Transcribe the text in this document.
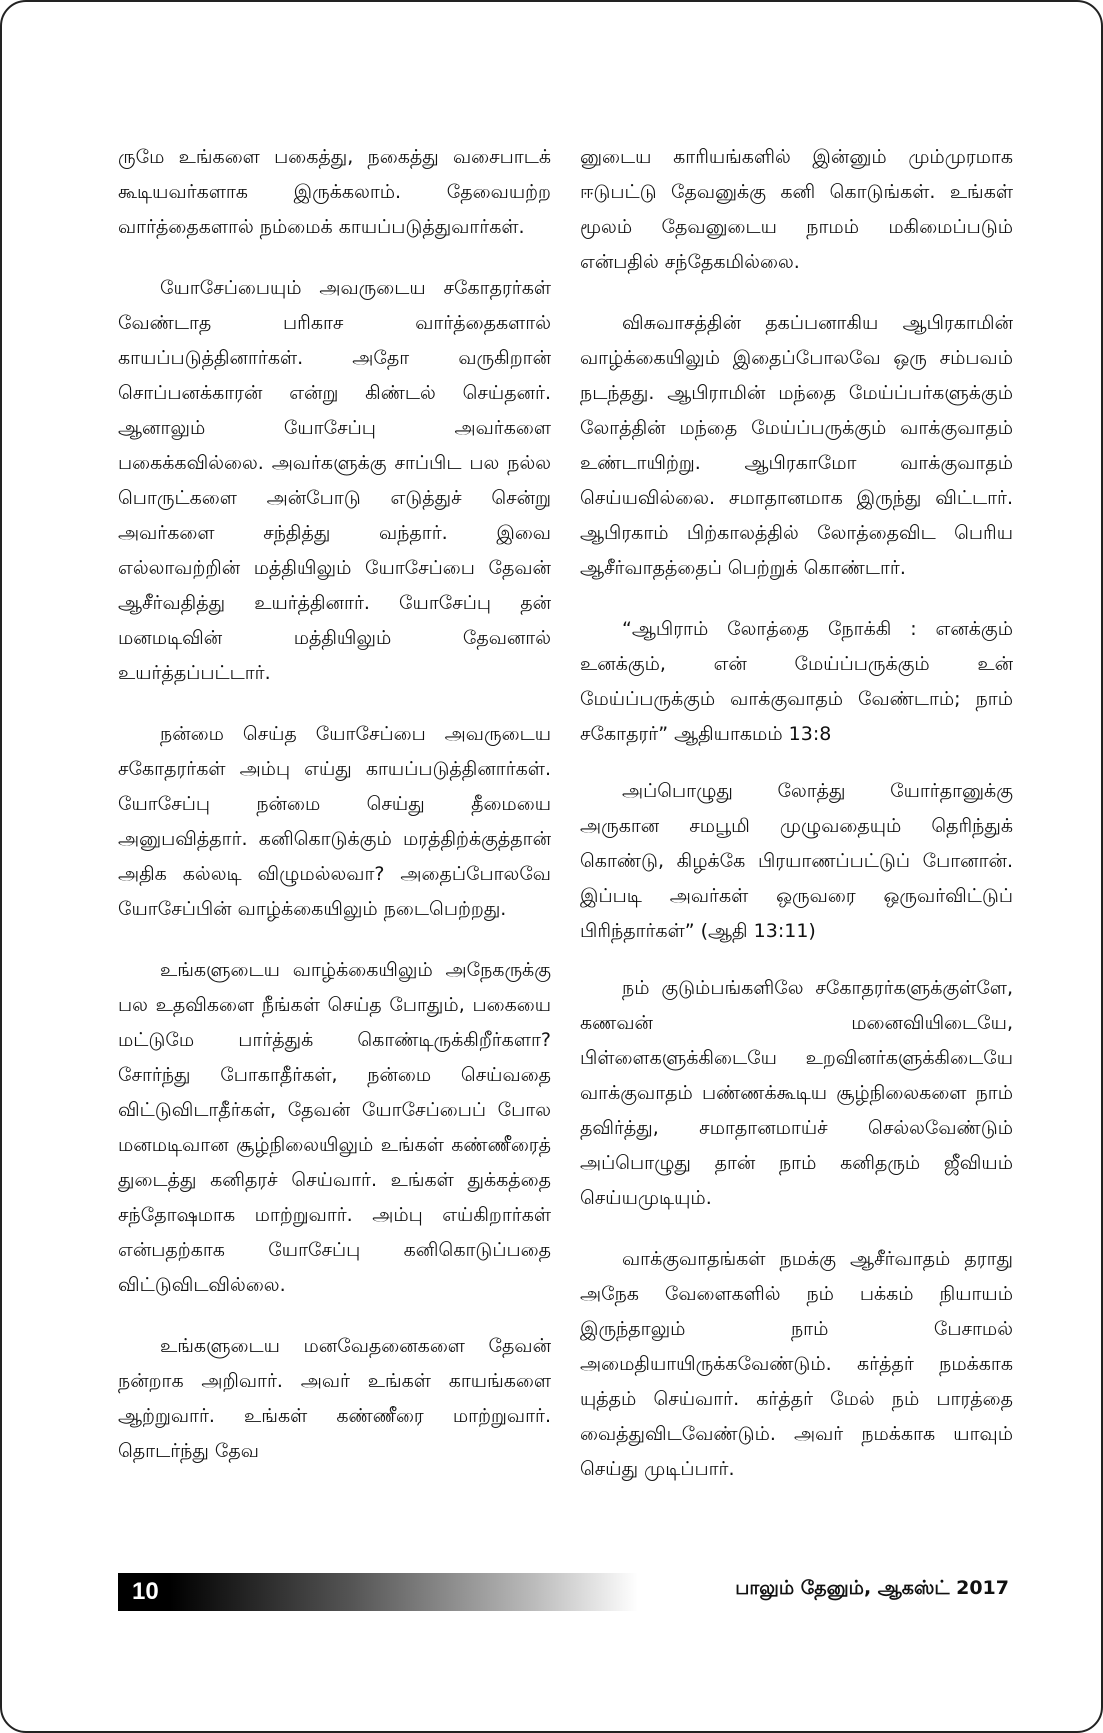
ருமே உங்களை பகைத்து, நகைத்து வசைபாடக் கூடியவர்களாக இருக்கலாம். தேவையற்ற வார்த்தைகளால் நம்மைக் காயப்படுத்துவார்கள்.

யோசேப்பையும் அவருடைய சகோதரர்கள் வேண்டாத பரிகாச வார்த்தைகளால் காயப்படுத்தினார்கள். அதோ வருகிறான் சொப்பனக்காரன் என்று கிண்டல் செய்தனர். ஆனாலும் யோசேப்பு அவர்களை பகைக்கவில்லை. அவர்களுக்கு சாப்பிட பல நல்ல பொருட்களை அன்போடு எடுத்துச் சென்று அவர்களை சந்தித்து வந்தார். இவை எல்லாவற்றின் மத்தியிலும் யோசேப்பை தேவன் ஆசீர்வதித்து உயர்த்தினார். யோசேப்பு தன் மனமடிவின் மத்தியிலும் தேவனால் உயர்த்தப்பட்டார்.

நன்மை செய்த யோசேப்பை அவருடைய சகோதரர்கள் அம்பு எய்து காயப்படுத்தினார்கள். யோசேப்பு நன்மை செய்து தீமையை அனுபவித்தார். கனிகொடுக்கும் மரத்திற்க்குத்தான் அதிக கல்லடி விழுமல்லவா? அதைப்போலவே யோசேப்பின் வாழ்க்கையிலும் நடைபெற்றது.

உங்களுடைய வாழ்க்கையிலும் அநேகருக்கு பல உதவிகளை நீங்கள் செய்த போதும், பகையை மட்டுமே பார்த்துக் கொண்டிருக்கிறீர்களா? சோர்ந்து போகாதீர்கள், நன்மை செய்வதை விட்டுவிடாதீர்கள், தேவன் யோசேப்பைப் போல மனமடிவான சூழ்நிலையிலும் உங்கள் கண்ணீரைத் துடைத்து கனிதரச் செய்வார். உங்கள் துக்கத்தை சந்தோஷமாக மாற்றுவார். அம்பு எய்கிறார்கள் என்பதற்காக யோசேப்பு கனிகொடுப்பதை விட்டுவிடவில்லை.

உங்களுடைய மனவேதனைகளை தேவன் நன்றாக அறிவார். அவர் உங்கள் காயங்களை ஆற்றுவார். உங்கள் கண்ணீரை மாற்றுவார். தொடர்ந்து தேவ

னுடைய காரியங்களில் இன்னும் மும்முரமாக ஈடுபட்டு தேவனுக்கு கனி கொடுங்கள். உங்கள் மூலம் தேவனுடைய நாமம் மகிமைப்படும் என்பதில் சந்தேகமில்லை.

விசுவாசத்தின் தகப்பனாகிய ஆபிரகாமின் வாழ்க்கையிலும் இதைப்போலவே ஒரு சம்பவம் நடந்தது. ஆபிராமின் மந்தை மேய்ப்பர்களுக்கும் லோத்தின் மந்தை மேய்ப்பருக்கும் வாக்குவாதம் உண்டாயிற்று. ஆபிரகாமோ வாக்குவாதம் செய்யவில்லை. சமாதானமாக இருந்து விட்டார். ஆபிரகாம் பிற்காலத்தில் லோத்தைவிட பெரிய ஆசீர்வாதத்தைப் பெற்றுக் கொண்டார்.

“ஆபிராம் லோத்தை நோக்கி : எனக்கும் உனக்கும், என் மேய்ப்பருக்கும் உன் மேய்ப்பருக்கும் வாக்குவாதம் வேண்டாம்; நாம் சகோதரர்” ஆதியாகமம் 13:8

அப்பொழுது லோத்து யோர்தானுக்கு அருகான சமபூமி முழுவதையும் தெரிந்துக் கொண்டு, கிழக்கே பிரயாணப்பட்டுப் போனான். இப்படி அவர்கள் ஒருவரை ஒருவர்விட்டுப் பிரிந்தார்கள்” (ஆதி 13:11)

நம் குடும்பங்களிலே சகோதரர்களுக்குள்ளே, கணவன் மனைவியிடையே, பிள்ளைகளுக்கிடையே உறவினர்களுக்கிடையே வாக்குவாதம் பண்ணக்கூடிய சூழ்நிலைகளை நாம் தவிர்த்து, சமாதானமாய்ச் செல்லவேண்டும் அப்பொழுது தான் நாம் கனிதரும் ஜீவியம் செய்யமுடியும்.

வாக்குவாதங்கள் நமக்கு ஆசீர்வாதம் தராது அநேக வேளைகளில் நம் பக்கம் நியாயம் இருந்தாலும் நாம் பேசாமல் அமைதியாயிருக்கவேண்டும். கர்த்தர் நமக்காக யுத்தம் செய்வார். கர்த்தர் மேல் நம் பாரத்தை வைத்துவிடவேண்டும். அவர் நமக்காக யாவும் செய்து முடிப்பார்.

10	பாலும் தேனும், ஆகஸ்ட் 2017
